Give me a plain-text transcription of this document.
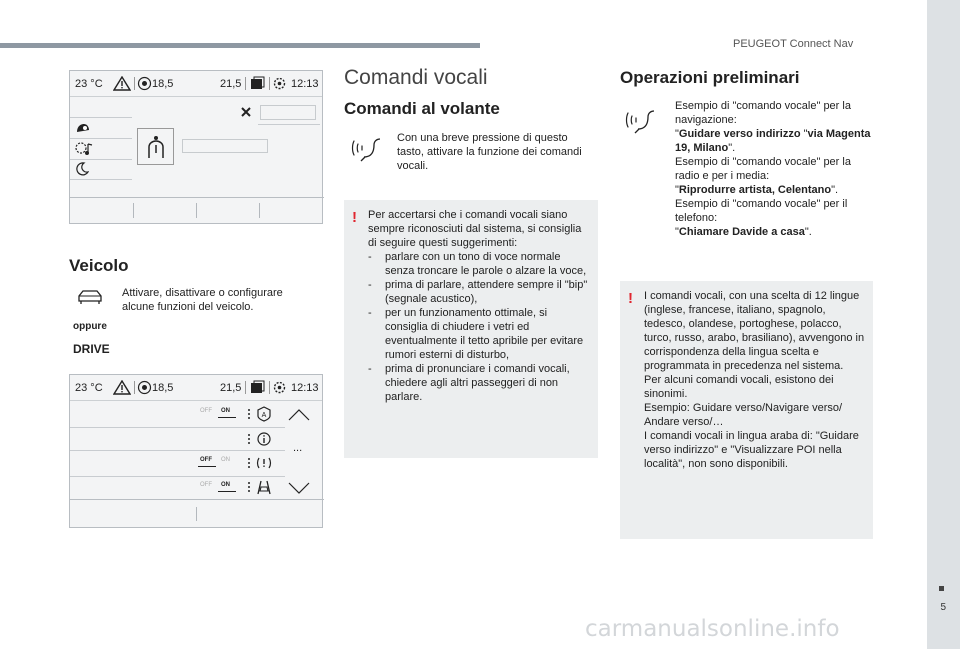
PEUGEOT Connect Nav
5
23 °C	18,5	21,5	12:13
Veicolo
Attivare, disattivare o configurare alcune funzioni del veicolo.
oppure
DRIVE
23 °C	18,5	21,5	12:13
OFF ON
A
...
OFF ON
OFF ON
Comandi vocali
Comandi al volante
Con una breve pressione di questo tasto, attivare la funzione dei comandi vocali.
! Per accertarsi che i comandi vocali siano sempre riconosciuti dal sistema, si consiglia di seguire questi suggerimenti:
- parlare con un tono di voce normale senza troncare le parole o alzare la voce,
- prima di parlare, attendere sempre il "bip" (segnale acustico),
- per un funzionamento ottimale, si consiglia di chiudere i vetri ed eventualmente il tetto apribile per evitare rumori esterni di disturbo,
- prima di pronunciare i comandi vocali, chiedere agli altri passeggeri di non parlare.
Operazioni preliminari
Esempio di "comando vocale" per la navigazione:
"Guidare verso indirizzo "via Magenta 19, Milano".
Esempio di "comando vocale" per la radio e per i media:
"Riprodurre artista, Celentano".
Esempio di "comando vocale" per il telefono:
"Chiamare Davide a casa".
! I comandi vocali, con una scelta di 12 lingue (inglese, francese, italiano, spagnolo, tedesco, olandese, portoghese, polacco, turco, russo, arabo, brasiliano), avvengono in corrispondenza della lingua scelta e programmata in precedenza nel sistema.
Per alcuni comandi vocali, esistono dei sinonimi.
Esempio: Guidare verso/Navigare verso/ Andare verso/…
I comandi vocali in lingua araba di: "Guidare verso indirizzo" e "Visualizzare POI nella località", non sono disponibili.
carmanualsonline.info
